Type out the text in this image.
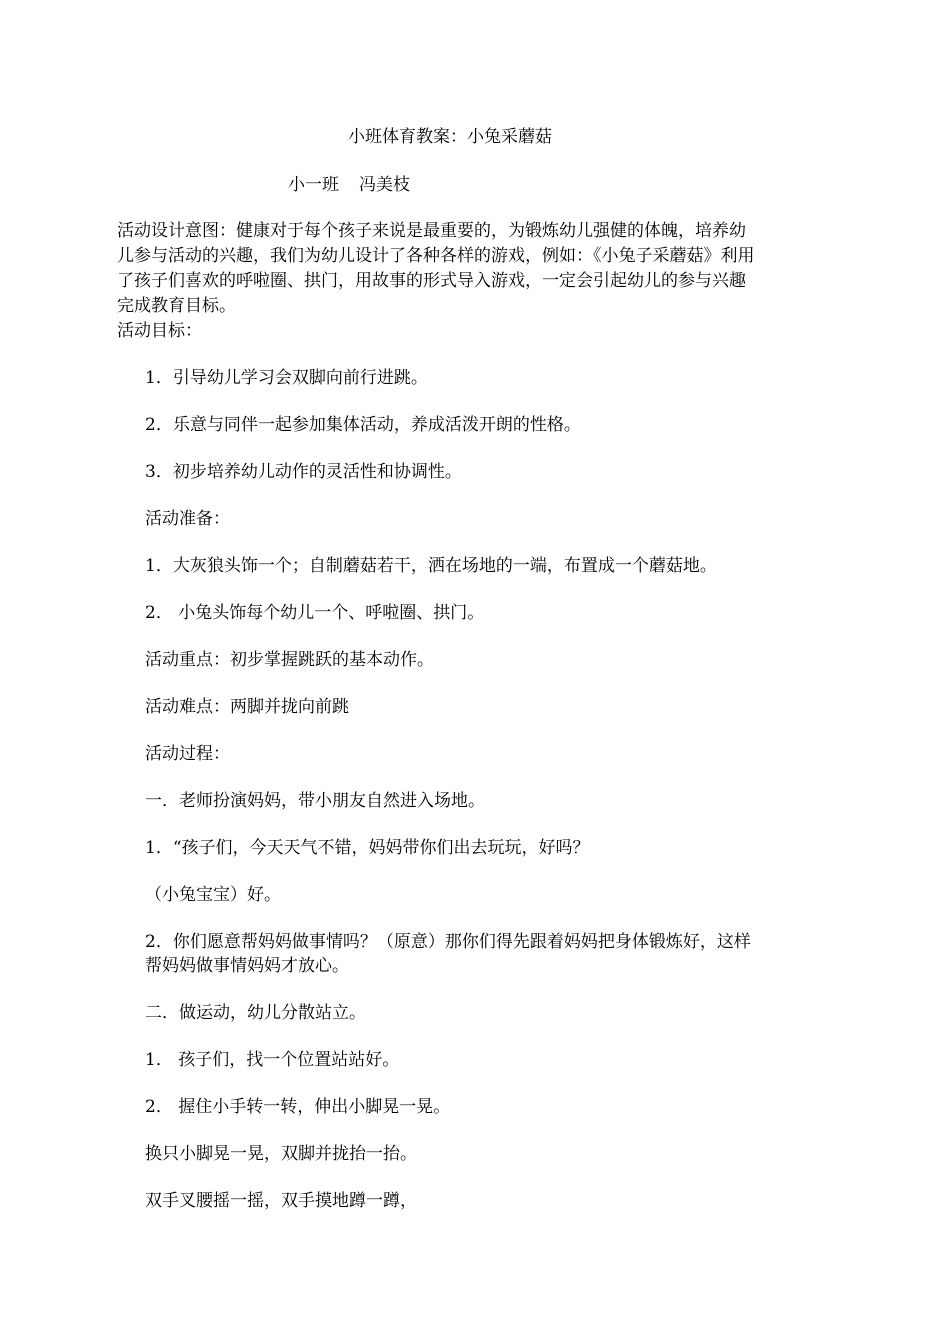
小班体育教案：小兔采蘑菇
小一班 冯美枝
活动设计意图：健康对于每个孩子来说是最重要的，为锻炼幼儿强健的体魄，培养幼
儿参与活动的兴趣，我们为幼儿设计了各种各样的游戏，例如：《小兔子采蘑菇》利用
了孩子们喜欢的呼啦圈、拱门，用故事的形式导入游戏，一定会引起幼儿的参与兴趣
完成教育目标。
活动目标：
1．引导幼儿学习会双脚向前行进跳。
2．乐意与同伴一起参加集体活动，养成活泼开朗的性格。
3．初步培养幼儿动作的灵活性和协调性。
活动准备：
1．大灰狼头饰一个；自制蘑菇若干，洒在场地的一端，布置成一个蘑菇地。
2． 小兔头饰每个幼儿一个、呼啦圈、拱门。
活动重点：初步掌握跳跃的基本动作。
活动难点：两脚并拢向前跳
活动过程：
一．老师扮演妈妈，带小朋友自然进入场地。
1．“孩子们，今天天气不错，妈妈带你们出去玩玩，好吗？
（小兔宝宝）好。
2．你们愿意帮妈妈做事情吗？（原意）那你们得先跟着妈妈把身体锻炼好，这样
帮妈妈做事情妈妈才放心。
二．做运动，幼儿分散站立。
1． 孩子们，找一个位置站站好。
2． 握住小手转一转，伸出小脚晃一晃。
换只小脚晃一晃，双脚并拢抬一抬。
双手叉腰摇一摇，双手摸地蹲一蹲，
